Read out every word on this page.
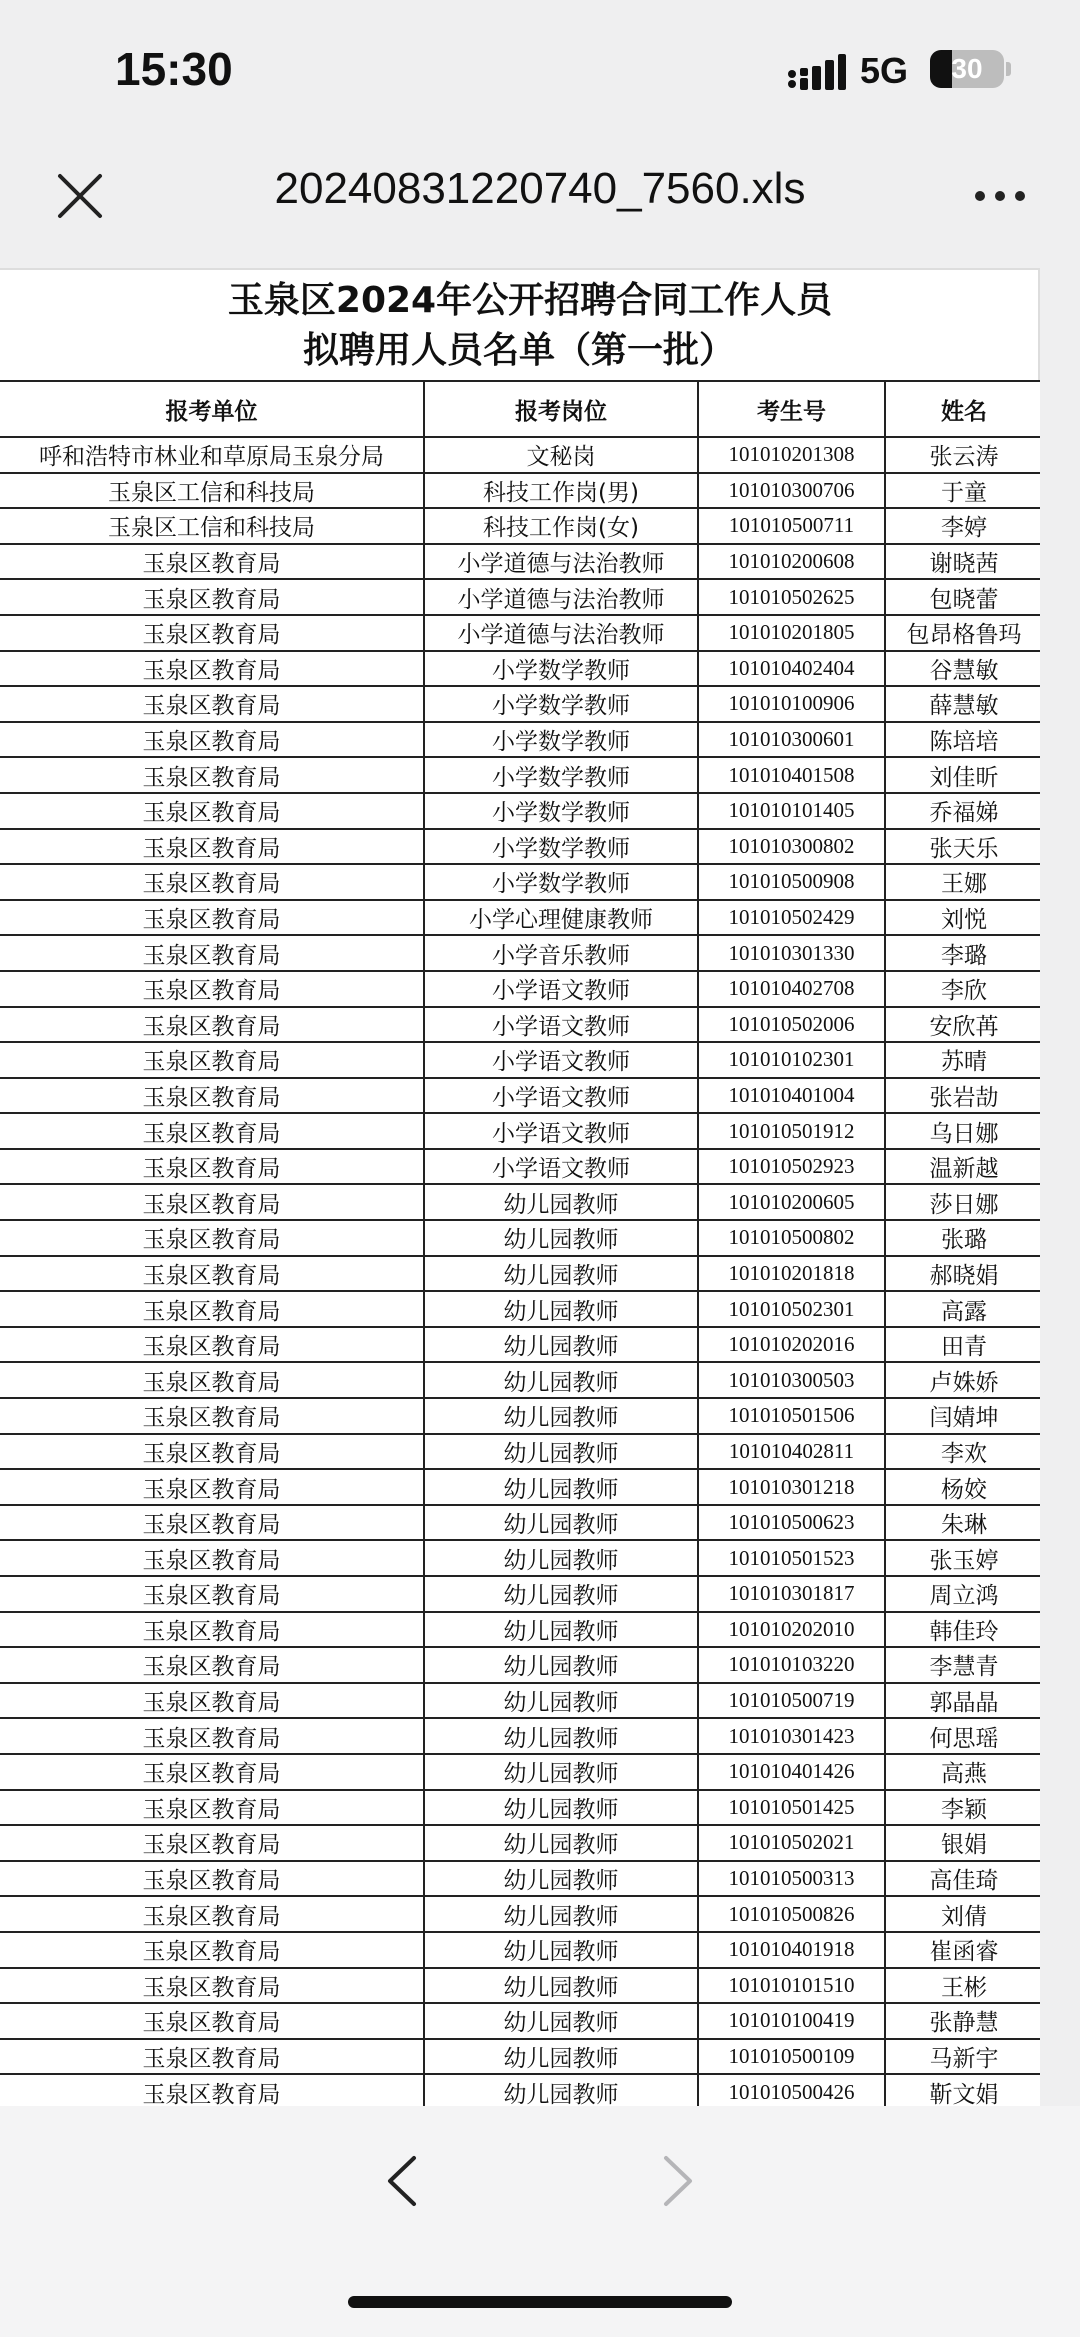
15:30	5G	30
20240831220740_7560.xls
玉泉区2024年公开招聘合同工作人员
拟聘用人员名单（第一批）
报考单位	报考岗位	考生号	姓名
呼和浩特市林业和草原局玉泉分局	文秘岗	101010201308	张云涛
玉泉区工信和科技局	科技工作岗(男)	101010300706	于童
玉泉区工信和科技局	科技工作岗(女)	101010500711	李婷
玉泉区教育局	小学道德与法治教师	101010200608	谢晓茜
玉泉区教育局	小学道德与法治教师	101010502625	包晓蕾
玉泉区教育局	小学道德与法治教师	101010201805	包昂格鲁玛
玉泉区教育局	小学数学教师	101010402404	谷慧敏
玉泉区教育局	小学数学教师	101010100906	薛慧敏
玉泉区教育局	小学数学教师	101010300601	陈培培
玉泉区教育局	小学数学教师	101010401508	刘佳昕
玉泉区教育局	小学数学教师	101010101405	乔福娣
玉泉区教育局	小学数学教师	101010300802	张天乐
玉泉区教育局	小学数学教师	101010500908	王娜
玉泉区教育局	小学心理健康教师	101010502429	刘悦
玉泉区教育局	小学音乐教师	101010301330	李璐
玉泉区教育局	小学语文教师	101010402708	李欣
玉泉区教育局	小学语文教师	101010502006	安欣苒
玉泉区教育局	小学语文教师	101010102301	苏晴
玉泉区教育局	小学语文教师	101010401004	张岩劼
玉泉区教育局	小学语文教师	101010501912	乌日娜
玉泉区教育局	小学语文教师	101010502923	温新越
玉泉区教育局	幼儿园教师	101010200605	莎日娜
玉泉区教育局	幼儿园教师	101010500802	张璐
玉泉区教育局	幼儿园教师	101010201818	郝晓娟
玉泉区教育局	幼儿园教师	101010502301	高露
玉泉区教育局	幼儿园教师	101010202016	田青
玉泉区教育局	幼儿园教师	101010300503	卢姝娇
玉泉区教育局	幼儿园教师	101010501506	闫婧坤
玉泉区教育局	幼儿园教师	101010402811	李欢
玉泉区教育局	幼儿园教师	101010301218	杨姣
玉泉区教育局	幼儿园教师	101010500623	朱琳
玉泉区教育局	幼儿园教师	101010501523	张玉婷
玉泉区教育局	幼儿园教师	101010301817	周立鸿
玉泉区教育局	幼儿园教师	101010202010	韩佳玲
玉泉区教育局	幼儿园教师	101010103220	李慧青
玉泉区教育局	幼儿园教师	101010500719	郭晶晶
玉泉区教育局	幼儿园教师	101010301423	何思瑶
玉泉区教育局	幼儿园教师	101010401426	高燕
玉泉区教育局	幼儿园教师	101010501425	李颖
玉泉区教育局	幼儿园教师	101010502021	银娟
玉泉区教育局	幼儿园教师	101010500313	高佳琦
玉泉区教育局	幼儿园教师	101010500826	刘倩
玉泉区教育局	幼儿园教师	101010401918	崔函睿
玉泉区教育局	幼儿园教师	101010101510	王彬
玉泉区教育局	幼儿园教师	101010100419	张静慧
玉泉区教育局	幼儿园教师	101010500109	马新宇
玉泉区教育局	幼儿园教师	101010500426	靳文娟
